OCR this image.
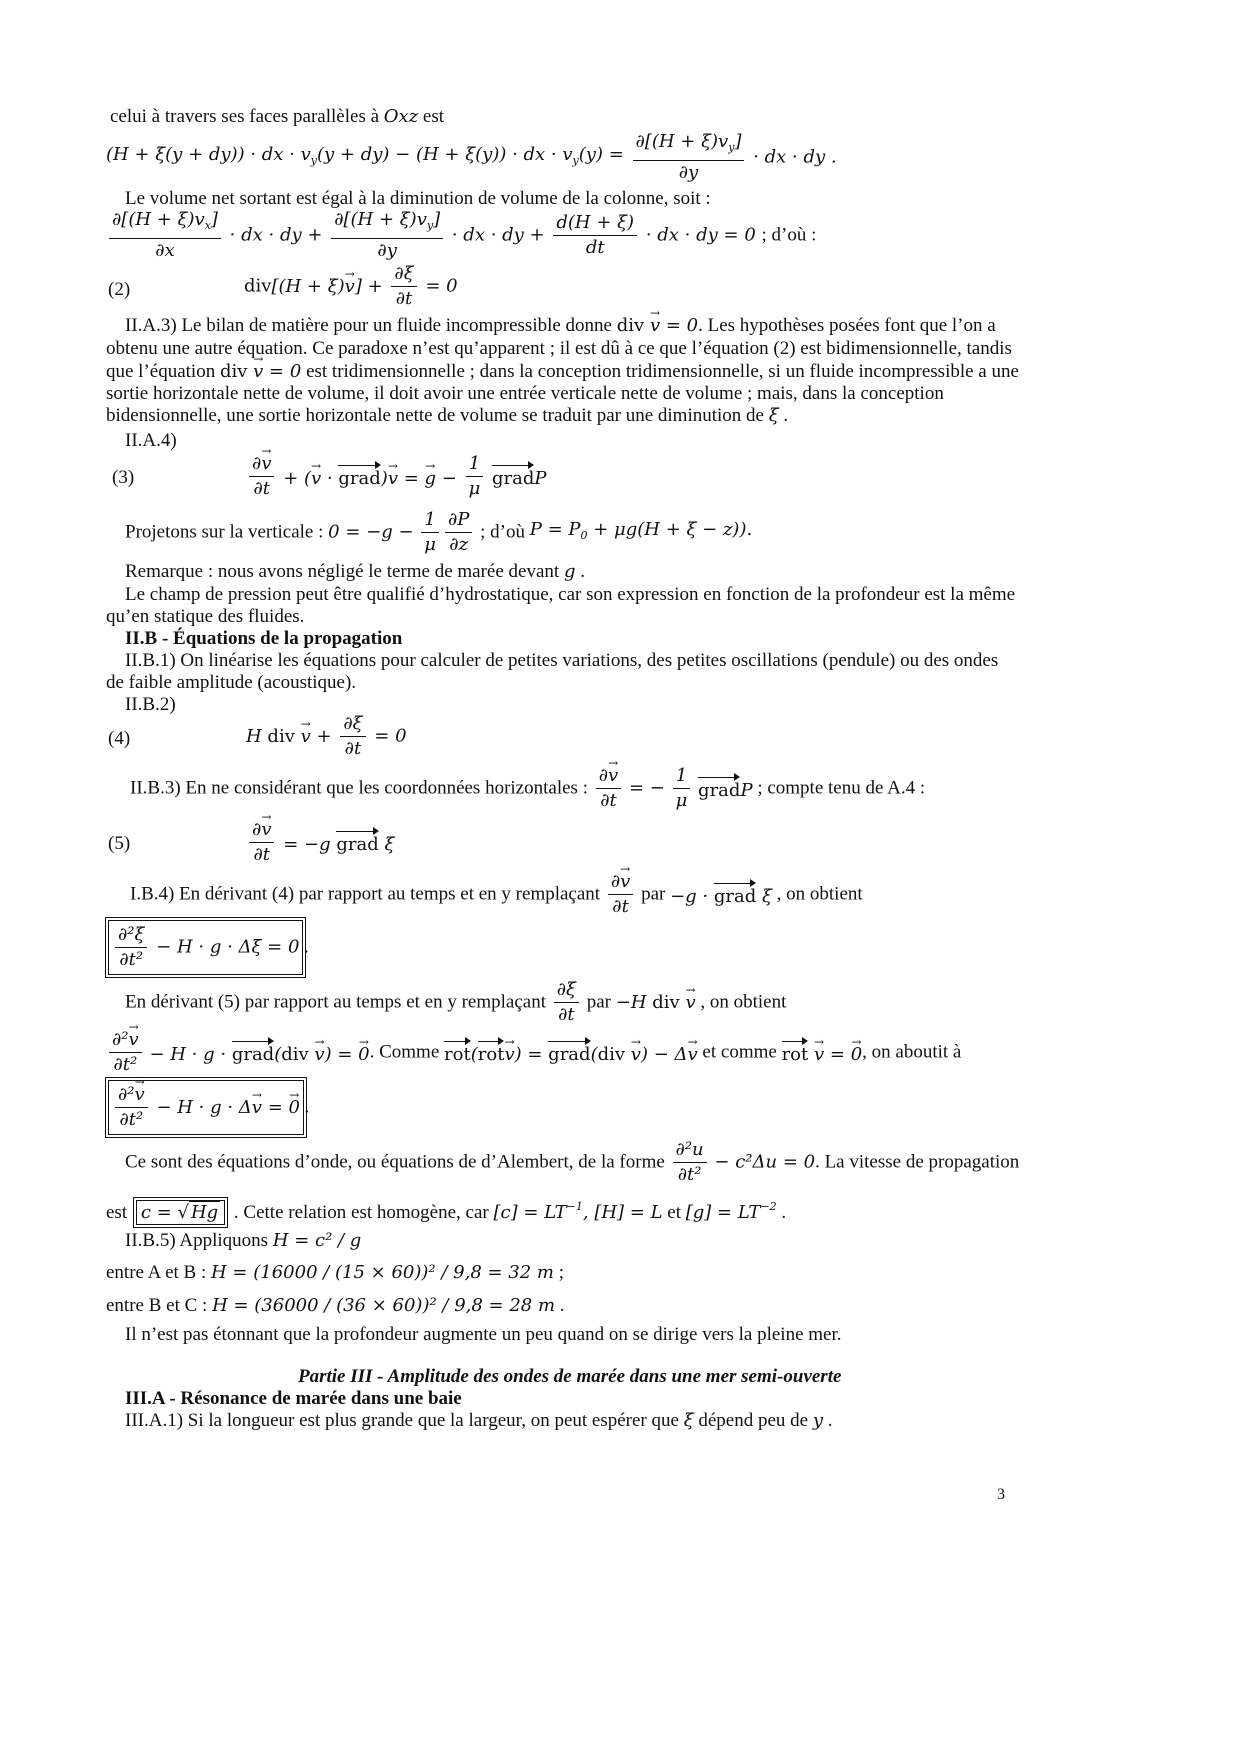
celui à travers ses faces parallèles à Oxz est
(H + ξ(y + dy)) · dx · $v_y(y + dy) - (H + \xi(y))$ · dx · $v_y(y) = \frac{\partial[(H + \xi)v_y]}{\partial y}$ · dx · dy .
Le volume net sortant est égal à la diminution de volume de la colonne, soit :
$\frac{\partial[(H + \xi)v_x]}{\partial x}$ · dx · dy + $\frac{\partial[(H + \xi)v_y]}{\partial y}$ · dx · dy + $\frac{d(H + \xi)}{dt}$ · dx · dy = 0 ; d’où :
(2)	$div[(H + \xi)\to v] + \frac{\partial\xi}{\partial t} = 0$
II.A.3) Le bilan de matière pour un fluide incompressible donne div → v = 0. Les hypothèses posées font que l’on a
obtenu une autre équation. Ce paradoxe n’est qu’apparent ; il est dû à ce que l’équation (2) est bidimensionnelle, tandis
que l’équation div → v = 0 est tridimensionnelle ; dans la conception tridimensionnelle, si un fluide incompressible a une
sortie horizontale nette de volume, il doit avoir une entrée verticale nette de volume ; mais, dans la conception
bidensionnelle, une sortie horizontale nette de volume se traduit par une diminution de ξ .
II.A.4)
(3)	$\frac{\partial\to v}{\partial t}$ + (→ v · grad)→ v = → $g - \frac{1}{\mu}$ gradP
Projetons sur la verticale : $0 = -g - \frac{1}{\mu} \frac{\partial P}{\partial z}$ ; d’où $P = P_0 + \mu g(H + \xi - z)$).
Remarque : nous avons négligé le terme de marée devant g .
Le champ de pression peut être qualifié d’hydrostatique, car son expression en fonction de la profondeur est la même
qu’en statique des fluides.
II.B - Équations de la propagation
II.B.1) On linéarise les équations pour calculer de petites variations, des petites oscillations (pendule) ou des ondes
de faible amplitude (acoustique).
II.B.2)
(4)	H div → $v + \frac{\partial\xi}{\partial t} = 0$
II.B.3) En ne considérant que les coordonnées horizontales : $\frac{\partial\to v}{\partial t}$ = − $\frac{1}{\mu}$ gradP ; compte tenu de A.4 :
(5)	$\frac{\partial\to v}{\partial t} = -g$ grad ξ
I.B.4) En dérivant (4) par rapport au temps et en y remplaçant $\frac{\partial\to v}{\partial t}$ par −g · grad ξ , on obtient
$\frac{\text{∂²ξ}}{\text{∂t²}} - H \cdot g \cdot \Delta\xi = 0$ .
En dérivant (5) par rapport au temps et en y remplaçant $\frac{\partial\xi}{\partial t}$ par −H div → v , on obtient
$\frac{\text{∂²→ v}}{\text{∂t²}} - H \cdot g$ · grad(div → v) = → 0. Comme rot(rot→ v) = grad(div → v) − Δ→ v et comme rot → v = → 0, on aboutit à
$\frac{\text{∂²→ v}}{\text{∂t²}} - H \cdot g \cdot \Delta\to v$ = → 0 .
Ce sont des équations d’onde, ou équations de d’Alembert, de la forme $\frac{\text{∂²u}}{\text{∂t²}} - c^2\Delta u = 0$. La vitesse de propagation
est c = √ Hg . Cette relation est homogène, car $[c] = LT^{-1}$, [H] = L et $[g] = LT^{-2}$ .
II.B.5) Appliquons H = c² / g
entre A et B : H = (16000 / (15 × 60))² / 9,8 = 32 m ;
entre B et C : H = (36000 / (36 × 60))² / 9,8 = 28 m .
Il n’est pas étonnant que la profondeur augmente un peu quand on se dirige vers la pleine mer.
Partie III - Amplitude des ondes de marée dans une mer semi-ouverte
III.A - Résonance de marée dans une baie
III.A.1) Si la longueur est plus grande que la largeur, on peut espérer que ξ dépend peu de y .
3
